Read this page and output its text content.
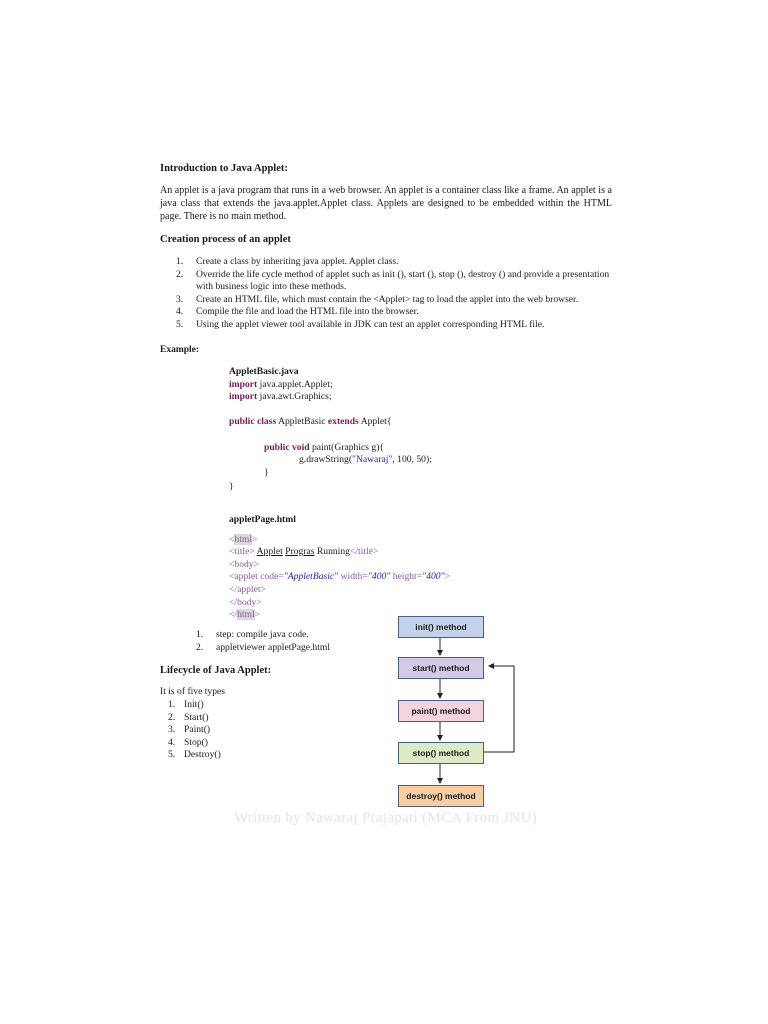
Introduction to Java Applet:

An applet is a java program that runs in a web browser. An applet is a container class like a frame. An applet is a java class that extends the java.applet.Applet class. Applets are designed to be embedded within the HTML page. There is no main method.

Creation process of an applet
1. Create a class by inheriting java applet. Applet class.
2. Override the life cycle method of applet such as init (), start (), stop (), destroy () and provide a presentation with business logic into these methods.
3. Create an HTML file, which must contain the <Applet> tag to load the applet into the web browser.
4. Compile the file and load the HTML file into the browser.
5. Using the applet viewer tool available in JDK can test an applet corresponding HTML file.
Example:
AppletBasic.java
import java.applet.Applet;
import java.awt.Graphics;

public class AppletBasic extends Applet{

public void paint(Graphics g){
g.drawString("Nawaraj", 100, 50);
}
}
appletPage.html
<html>
<title> Applet Progras Running</title>
<body>
<applet code="AppletBasic" width="400" height="400">
</applet>
</body>
</html>
1. step: compile java code.
2. appletviewer appletPage.html
Lifecycle of Java Applet:

It is of five types

1. Init()
2. Start()
3. Paint()
4. Stop()
5. Destroy()
init() method
start() method
paint() method
stop() method
destroy() method
Written by Nawaraj Prajapati (MCA From JNU)
